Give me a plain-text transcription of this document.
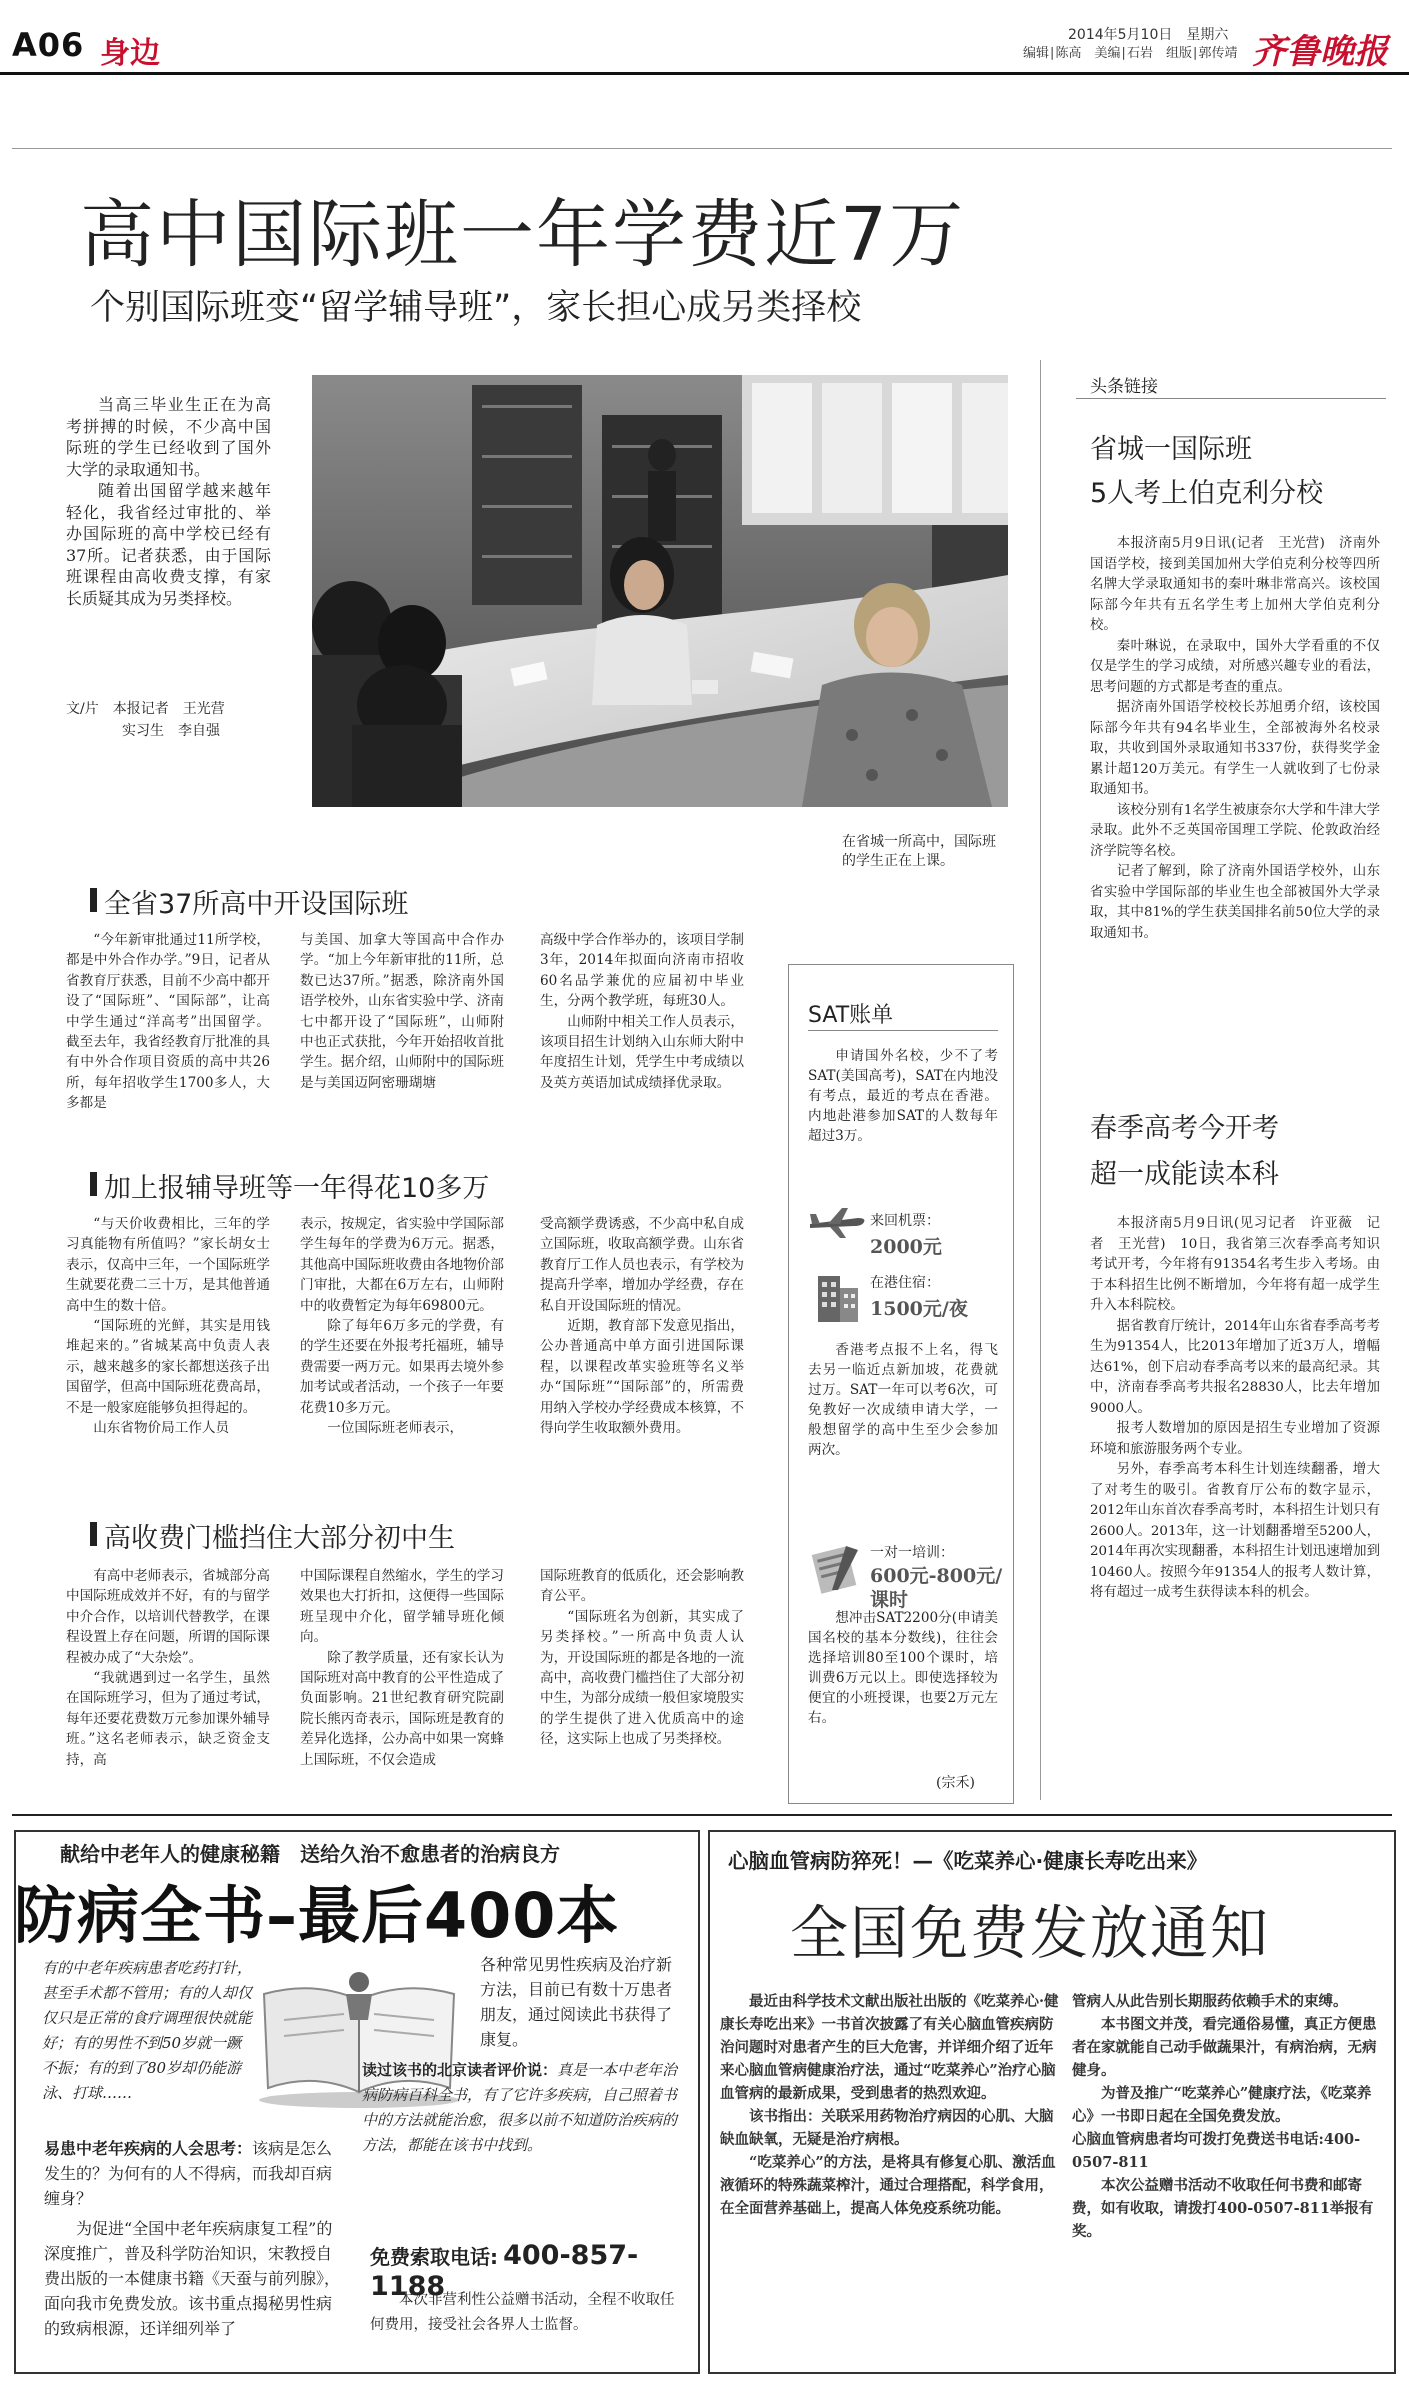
A06 身边
2014年5月10日　 星期六
编辑∣陈高　美编∣石岩　组版∣郭传靖 齐鲁晚报
高中国际班一年学费近7万
个别国际班变“留学辅导班”，家长担心成另类择校

当高三毕业生正在为高考拼搏的时候，不少高中国际班的学生已经收到了国外大学的录取通知书。

随着出国留学越来越年轻化，我省经过审批的、举办国际班的高中学校已经有37所。记者获悉，由于国际班课程由高收费支撑，有家长质疑其成为另类择校。

文/片　本报记者　王光营
实习生　李自强
在省城一所高中，国际班的学生正在上课。
全省37所高中开设国际班

“今年新审批通过11所学校，都是中外合作办学。”9日，记者从省教育厅获悉，目前不少高中都开设了“国际班”、“国际部”，让高中学生通过“洋高考”出国留学。截至去年，我省经教育厅批准的具有中外合作项目资质的高中共26所，每年招收学生1700多人，大多都是

与美国、加拿大等国高中合作办学。“加上今年新审批的11所，总数已达37所。”据悉，除济南外国语学校外，山东省实验中学、济南七中都开设了“国际班”，山师附中也正式获批，今年开始招收首批学生。据介绍，山师附中的国际班是与美国迈阿密珊瑚塘

高级中学合作举办的，该项目学制3年，2014年拟面向济南市招收60名品学兼优的应届初中毕业生，分两个教学班，每班30人。

山师附中相关工作人员表示，该项目招生计划纳入山东师大附中年度招生计划，凭学生中考成绩以及英方英语加试成绩择优录取。

加上报辅导班等一年得花10多万

“与天价收费相比，三年的学习真能物有所值吗？”家长胡女士表示，仅高中三年，一个国际班学生就要花费二三十万，是其他普通高中生的数十倍。

“国际班的光鲜，其实是用钱堆起来的。”省城某高中负责人表示，越来越多的家长都想送孩子出国留学，但高中国际班花费高昂，不是一般家庭能够负担得起的。

山东省物价局工作人员

表示，按规定，省实验中学国际部学生每年的学费为6万元。据悉，其他高中国际班收费由各地物价部门审批，大都在6万左右，山师附中的收费暂定为每年69800元。

除了每年6万多元的学费，有的学生还要在外报考托福班，辅导费需要一两万元。如果再去境外参加考试或者活动，一个孩子一年要花费10多万元。

一位国际班老师表示，

受高额学费诱惑，不少高中私自成立国际班，收取高额学费。山东省教育厅工作人员也表示，有学校为提高升学率，增加办学经费，存在私自开设国际班的情况。

近期，教育部下发意见指出，公办普通高中单方面引进国际课程，以课程改革实验班等名义举办“国际班”“国际部”的，所需费用纳入学校办学经费成本核算，不得向学生收取额外费用。

高收费门槛挡住大部分初中生

有高中老师表示，省城部分高中国际班成效并不好，有的与留学中介合作，以培训代替教学，在课程设置上存在问题，所谓的国际课程被办成了“大杂烩”。

“我就遇到过一名学生，虽然在国际班学习，但为了通过考试，每年还要花费数万元参加课外辅导班。”这名老师表示，缺乏资金支持，高

中国际课程自然缩水，学生的学习效果也大打折扣，这便得一些国际班呈现中介化，留学辅导班化倾向。

除了教学质量，还有家长认为国际班对高中教育的公平性造成了负面影响。21世纪教育研究院副院长熊丙奇表示，国际班是教育的差异化选择，公办高中如果一窝蜂上国际班，不仅会造成

国际班教育的低质化，还会影响教育公平。

“国际班名为创新，其实成了另类择校。”一所高中负责人认为，开设国际班的都是各地的一流高中，高收费门槛挡住了大部分初中生，为部分成绩一般但家境殷实的学生提供了进入优质高中的途径，这实际上也成了另类择校。

SAT账单

申请国外名校，少不了考SAT(美国高考)，SAT在内地没有考点，最近的考点在香港。内地赴港参加SAT的人数每年超过3万。

来回机票：
2000元
在港住宿：
1500元/夜

香港考点报不上名，得飞去另一临近点新加坡，花费就过万。SAT一年可以考6次，可免教好一次成绩申请大学，一般想留学的高中生至少会参加两次。

一对一培训：
600元-800元/课时

想冲击SAT2200分(申请美国名校的基本分数线)，往往会选择培训80至100个课时，培训费6万元以上。即使选择较为便宜的小班授课，也要2万元左右。

(宗禾)
头条链接
省城一国际班
5人考上伯克利分校

本报济南5月9日讯(记者　王光营)　济南外国语学校，接到美国加州大学伯克利分校等四所名牌大学录取通知书的秦叶琳非常高兴。该校国际部今年共有五名学生考上加州大学伯克利分校。

秦叶琳说，在录取中，国外大学看重的不仅仅是学生的学习成绩，对所感兴趣专业的看法，思考问题的方式都是考查的重点。

据济南外国语学校校长苏旭勇介绍，该校国际部今年共有94名毕业生，全部被海外名校录取，共收到国外录取通知书337份，获得奖学金累计超120万美元。有学生一人就收到了七份录取通知书。

该校分别有1名学生被康奈尔大学和牛津大学录取。此外不乏英国帝国理工学院、伦敦政治经济学院等名校。

记者了解到，除了济南外国语学校外，山东省实验中学国际部的毕业生也全部被国外大学录取，其中81%的学生获美国排名前50位大学的录取通知书。

春季高考今开考
超一成能读本科

本报济南5月9日讯(见习记者　许亚薇　记者　王光营)　10日，我省第三次春季高考知识考试开考，今年将有91354名考生步入考场。由于本科招生比例不断增加，今年将有超一成学生升入本科院校。

据省教育厅统计，2014年山东省春季高考考生为91354人，比2013年增加了近3万人，增幅达61%，创下启动春季高考以来的最高纪录。其中，济南春季高考共报名28830人，比去年增加9000人。

报考人数增加的原因是招生专业增加了资源环境和旅游服务两个专业。

另外，春季高考本科生计划连续翻番，增大了对考生的吸引。省教育厅公布的数字显示，2012年山东首次春季高考时，本科招生计划只有2600人。2013年，这一计划翻番增至5200人，2014年再次实现翻番，本科招生计划迅速增加到10460人。按照今年91354人的报考人数计算，将有超过一成考生获得读本科的机会。

献给中老年人的健康秘籍　送给久治不愈患者的治病良方
防病全书–最后400本
有的中老年疾病患者吃药打针，甚至手术都不管用；有的人却仅仅只是正常的食疗调理很快就能好；有的男性不到50岁就一蹶不振；有的到了80岁却仍能游泳、打球……
各种常见男性疾病及治疗新方法，目前已有数十万患者朋友，通过阅读此书获得了康复。
易患中老年疾病的人会思考：该病是怎么发生的？为何有的人不得病，而我却百病缠身？
读过该书的北京读者评价说：真是一本中老年治病防病百科全书，有了它许多疾病，自己照着书中的方法就能治愈，很多以前不知道防治疾病的方法，都能在该书中找到。
为促进“全国中老年疾病康复工程”的深度推广，普及科学防治知识，宋教授自费出版的一本健康书籍《天蚕与前列腺》，面向我市免费发放。该书重点揭秘男性病的致病根源，还详细列举了
免费索取电话: 400-857-1188
本次非营利性公益赠书活动，全程不收取任何费用，接受社会各界人士监督。
心脑血管病防猝死！—《吃菜养心·健康长寿吃出来》
全国免费发放通知
最近由科学技术文献出版社出版的《吃菜养心·健康长寿吃出来》一书首次披露了有关心脑血管疾病防治问题时对患者产生的巨大危害，并详细介绍了近年来心脑血管病健康治疗法，通过“吃菜养心”治疗心脑血管病的最新成果，受到患者的热烈欢迎。
该书指出：关联采用药物治疗病因的心肌、大脑缺血缺氧，无疑是治疗病根。
“吃菜养心”的方法，是将具有修复心肌、激活血液循环的特殊蔬菜榨汁，通过合理搭配，科学食用，在全面营养基础上，提高人体免疫系统功能。
管病人从此告别长期服药依赖手术的束缚。
本书图文并茂，看完通俗易懂，真正方便患者在家就能自己动手做蔬果汁，有病治病，无病健身。
为普及推广“吃菜养心”健康疗法，《吃菜养心》一书即日起在全国免费发放。
心脑血管病患者均可拨打免费送书电话:400-0507-811
本次公益赠书活动不收取任何书费和邮寄费，如有收取，请拨打400-0507-811举报有奖。
